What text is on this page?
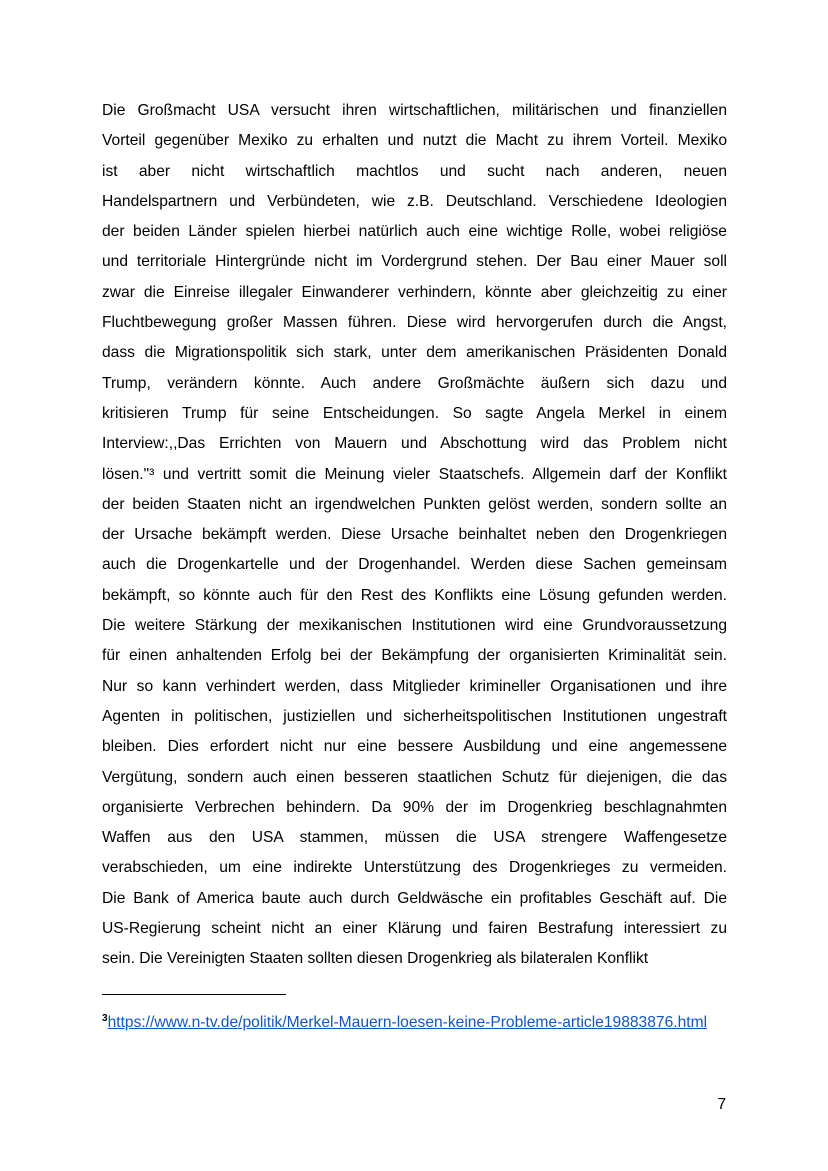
Die Großmacht USA versucht ihren wirtschaftlichen, militärischen und finanziellen
Vorteil gegenüber Mexiko zu erhalten und nutzt die Macht zu ihrem Vorteil. Mexiko
ist aber nicht wirtschaftlich machtlos und sucht nach anderen, neuen
Handelspartnern und Verbündeten, wie z.B. Deutschland. Verschiedene Ideologien
der beiden Länder spielen hierbei natürlich auch eine wichtige Rolle, wobei religiöse
und territoriale Hintergründe nicht im Vordergrund stehen. Der Bau einer Mauer soll
zwar die Einreise illegaler Einwanderer verhindern, könnte aber gleichzeitig zu einer
Fluchtbewegung großer Massen führen. Diese wird hervorgerufen durch die Angst,
dass die Migrationspolitik sich stark, unter dem amerikanischen Präsidenten Donald
Trump, verändern könnte. Auch andere Großmächte äußern sich dazu und
kritisieren Trump für seine Entscheidungen. So sagte Angela Merkel in einem
Interview:,,Das Errichten von Mauern und Abschottung wird das Problem nicht
lösen."³ und vertritt somit die Meinung vieler Staatschefs. Allgemein darf der Konflikt
der beiden Staaten nicht an irgendwelchen Punkten gelöst werden, sondern sollte an
der Ursache bekämpft werden. Diese Ursache beinhaltet neben den Drogenkriegen
auch die Drogenkartelle und der Drogenhandel. Werden diese Sachen gemeinsam
bekämpft, so könnte auch für den Rest des Konflikts eine Lösung gefunden werden.
Die weitere Stärkung der mexikanischen Institutionen wird eine Grundvoraussetzung
für einen anhaltenden Erfolg bei der Bekämpfung der organisierten Kriminalität sein.
Nur so kann verhindert werden, dass Mitglieder krimineller Organisationen und ihre
Agenten in politischen, justiziellen und sicherheitspolitischen Institutionen ungestraft
bleiben. Dies erfordert nicht nur eine bessere Ausbildung und eine angemessene
Vergütung, sondern auch einen besseren staatlichen Schutz für diejenigen, die das
organisierte Verbrechen behindern. Da 90% der im Drogenkrieg beschlagnahmten
Waffen aus den USA stammen, müssen die USA strengere Waffengesetze
verabschieden, um eine indirekte Unterstützung des Drogenkrieges zu vermeiden.
Die Bank of America baute auch durch Geldwäsche ein profitables Geschäft auf. Die
US-Regierung scheint nicht an einer Klärung und fairen Bestrafung interessiert zu
sein. Die Vereinigten Staaten sollten diesen Drogenkrieg als bilateralen Konflikt
$^3$https://www.n-tv.de/politik/Merkel-Mauern-loesen-keine-Probleme-article19883876.html
7
